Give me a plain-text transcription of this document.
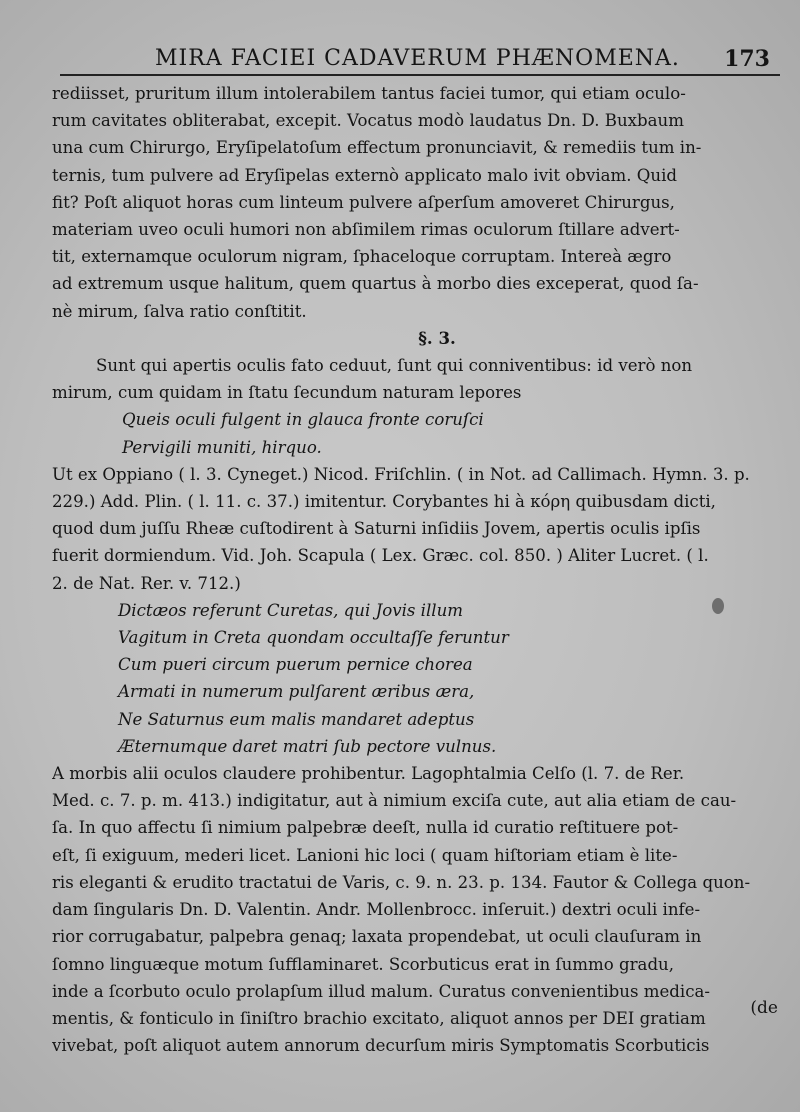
MIRA FACIEI CADAVERUM PHÆNOMENA. 173
rediisset, pruritum illum intolerabilem tantus faciei tumor, qui etiam oculo-
rum cavitates obliterabat, excepit. Vocatus modò laudatus Dn. D. Buxbaum
una cum Chirurgo, Eryſipelatoſum effectum pronunciavit, & remediis tum in-
ternis, tum pulvere ad Eryſipelas externò applicato malo ivit obviam. Quid
fit? Poſt aliquot horas cum linteum pulvere aſperſum amoveret Chirurgus,
materiam uveo oculi humori non abſimilem rimas oculorum ſtillare advert-
tit, externamque oculorum nigram, ſphaceloque corruptam. Intereà ægro
ad extremum usque halitum, quem quartus à morbo dies exceperat, quod ſa-
nè mirum, ſalva ratio conſtitit.
§. 3.
Sunt qui apertis oculis fato ceduut, ſunt qui conniventibus: id verò non
mirum, cum quidam in ſtatu ſecundum naturam lepores
Queis oculi fulgent in glauca fronte coruſci
Pervigili muniti, hirquo.
Ut ex Oppiano ( l. 3. Cyneget.) Nicod. Friſchlin. ( in Not. ad Callimach. Hymn. 3. p.
229.) Add. Plin. ( l. 11. c. 37.) imitentur. Corybantes hi à κόρη quibusdam dicti,
quod dum juſſu Rheæ cuſtodirent à Saturni inſidiis Jovem, apertis oculis ipſis
fuerit dormiendum. Vid. Joh. Scapula ( Lex. Græc. col. 850. ) Aliter Lucret. ( l.
2. de Nat. Rer. v. 712.)
Dictæos referunt Curetas, qui Jovis illum
Vagitum in Creta quondam occultaſſe feruntur
Cum pueri circum puerum pernice chorea
Armati in numerum pulſarent æribus æra,
Ne Saturnus eum malis mandaret adeptus
Æternumque daret matri ſub pectore vulnus.
A morbis alii oculos claudere prohibentur. Lagophtalmia Celſo (l. 7. de Rer.
Med. c. 7. p. m. 413.) indigitatur, aut à nimium exciſa cute, aut alia etiam de cau-
ſa. In quo affectu ſi nimium palpebræ deeſt, nulla id curatio reſtituere pot-
eſt, ſi exiguum, mederi licet. Lanioni hic loci ( quam hiſtoriam etiam è lite-
ris eleganti & erudito tractatui de Varis, c. 9. n. 23. p. 134. Fautor & Collega quon-
dam ſingularis Dn. D. Valentin. Andr. Mollenbrocc. inſeruit.) dextri oculi infe-
rior corrugabatur, palpebra genaq; laxata propendebat, ut oculi clauſuram in
ſomno linguæque motum ſufflaminaret. Scorbuticus erat in ſummo gradu,
inde a ſcorbuto oculo prolapſum illud malum. Curatus convenientibus medica-
mentis, & fonticulo in ſiniſtro brachio excitato, aliquot annos per DEI gratiam
vivebat, poſt aliquot autem annorum decurſum miris Symptomatis Scorbuticis
(de
